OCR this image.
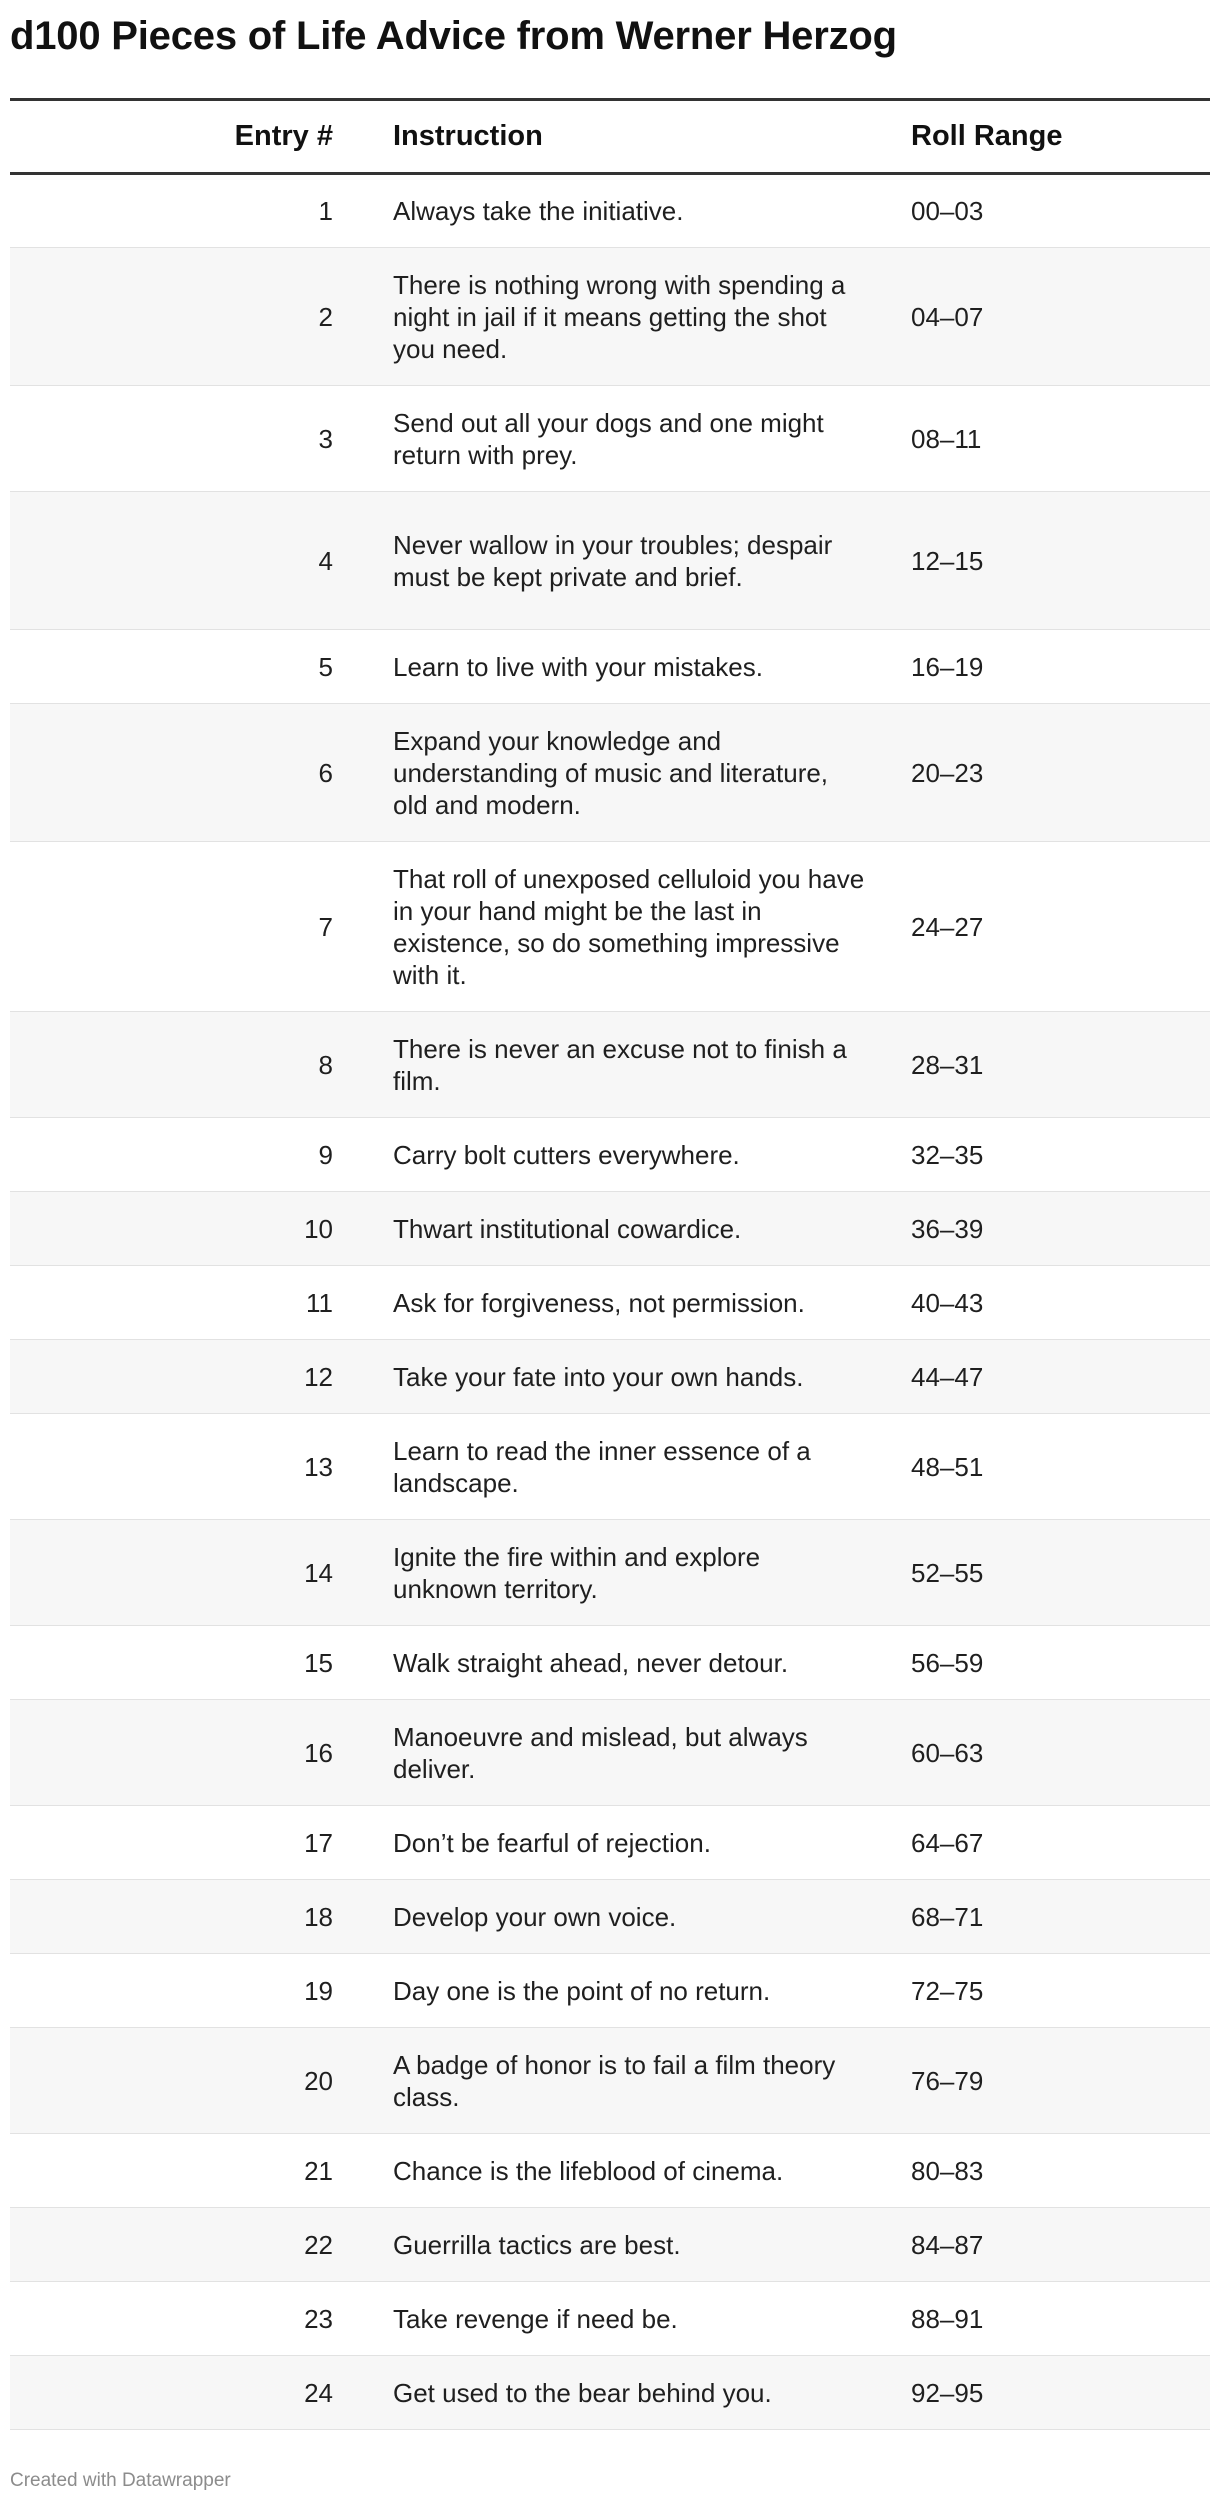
d100 Pieces of Life Advice from Werner Herzog
Entry #	Instruction	Roll Range
1	Always take the initiative.	00–03
2	There is nothing wrong with spending a night in jail if it means getting the shot you need.	04–07
3	Send out all your dogs and one might return with prey.	08–11
4	Never wallow in your troubles; despair must be kept private and brief.	12–15
5	Learn to live with your mistakes.	16–19
6	Expand your knowledge and understanding of music and literature, old and modern.	20–23
7	That roll of unexposed celluloid you have in your hand might be the last in existence, so do something impressive with it.	24–27
8	There is never an excuse not to finish a film.	28–31
9	Carry bolt cutters everywhere.	32–35
10	Thwart institutional cowardice.	36–39
11	Ask for forgiveness, not permission.	40–43
12	Take your fate into your own hands.	44–47
13	Learn to read the inner essence of a landscape.	48–51
14	Ignite the fire within and explore unknown territory.	52–55
15	Walk straight ahead, never detour.	56–59
16	Manoeuvre and mislead, but always deliver.	60–63
17	Don’t be fearful of rejection.	64–67
18	Develop your own voice.	68–71
19	Day one is the point of no return.	72–75
20	A badge of honor is to fail a film theory class.	76–79
21	Chance is the lifeblood of cinema.	80–83
22	Guerrilla tactics are best.	84–87
23	Take revenge if need be.	88–91
24	Get used to the bear behind you.	92–95
Created with Datawrapper
